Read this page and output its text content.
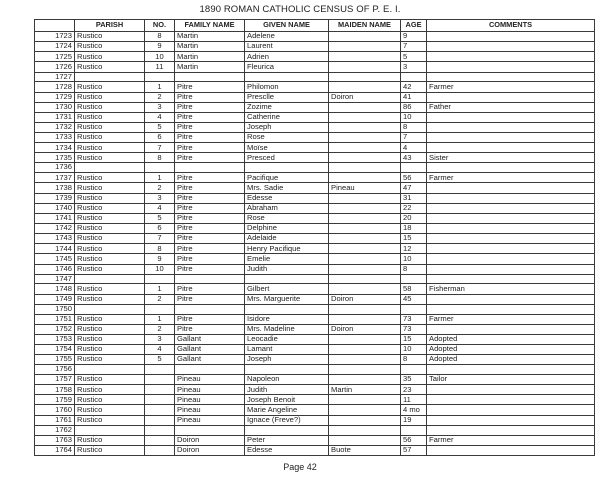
1890 ROMAN CATHOLIC CENSUS OF P. E. I.
	PARISH	NO.	FAMILY NAME	GIVEN NAME	MAIDEN NAME	AGE	COMMENTS
1723	Rustico	8	Martin	Adelene		9	
1724	Rustico	9	Martin	Laurent		7	
1725	Rustico	10	Martin	Adrien		5	
1726	Rustico	11	Martin	Fleurica		3	
1727							
1728	Rustico	1	Pitre	Philomon		42	Farmer
1729	Rustico	2	Pitre	Presclle	Doiron	41	
1730	Rustico	3	Pitre	Zozime		86	Father
1731	Rustico	4	Pitre	Catherine		10	
1732	Rustico	5	Pitre	Joseph		8	
1733	Rustico	6	Pitre	Rose		7	
1734	Rustico	7	Pitre	Moïse		4	
1735	Rustico	8	Pitre	Presced		43	Sister
1736							
1737	Rustico	1	Pitre	Pacifique		56	Farmer
1738	Rustico	2	Pitre	Mrs. Sadie	Pineau	47	
1739	Rustico	3	Pitre	Edesse		31	
1740	Rustico	4	Pitre	Abraham		22	
1741	Rustico	5	Pitre	Rose		20	
1742	Rustico	6	Pitre	Delphine		18	
1743	Rustico	7	Pitre	Adelaide		15	
1744	Rustico	8	Pitre	Henry Pacifique		12	
1745	Rustico	9	Pitre	Emelie		10	
1746	Rustico	10	Pitre	Judith		8	
1747							
1748	Rustico	1	Pitre	Gilbert		58	Fisherman
1749	Rustico	2	Pitre	Mrs. Marguerite	Doiron	45	
1750							
1751	Rustico	1	Pitre	Isidore		73	Farmer
1752	Rustico	2	Pitre	Mrs. Madeline	Doiron	73	
1753	Rustico	3	Gallant	Leocadie		15	Adopted
1754	Rustico	4	Gallant	Lamant		10	Adopted
1755	Rustico	5	Gallant	Joseph		8	Adopted
1756							
1757	Rustico		Pineau	Napoleon		35	Tailor
1758	Rustico		Pineau	Judith	Martin	23	
1759	Rustico		Pineau	Joseph Benoit		11	
1760	Rustico		Pineau	Marie Angeline		4 mo	
1761	Rustico		Pineau	Ignace (Freve?)		19	
1762							
1763	Rustico		Doiron	Peter		56	Farmer
1764	Rustico		Doiron	Edesse	Buote	57	
Page 42
